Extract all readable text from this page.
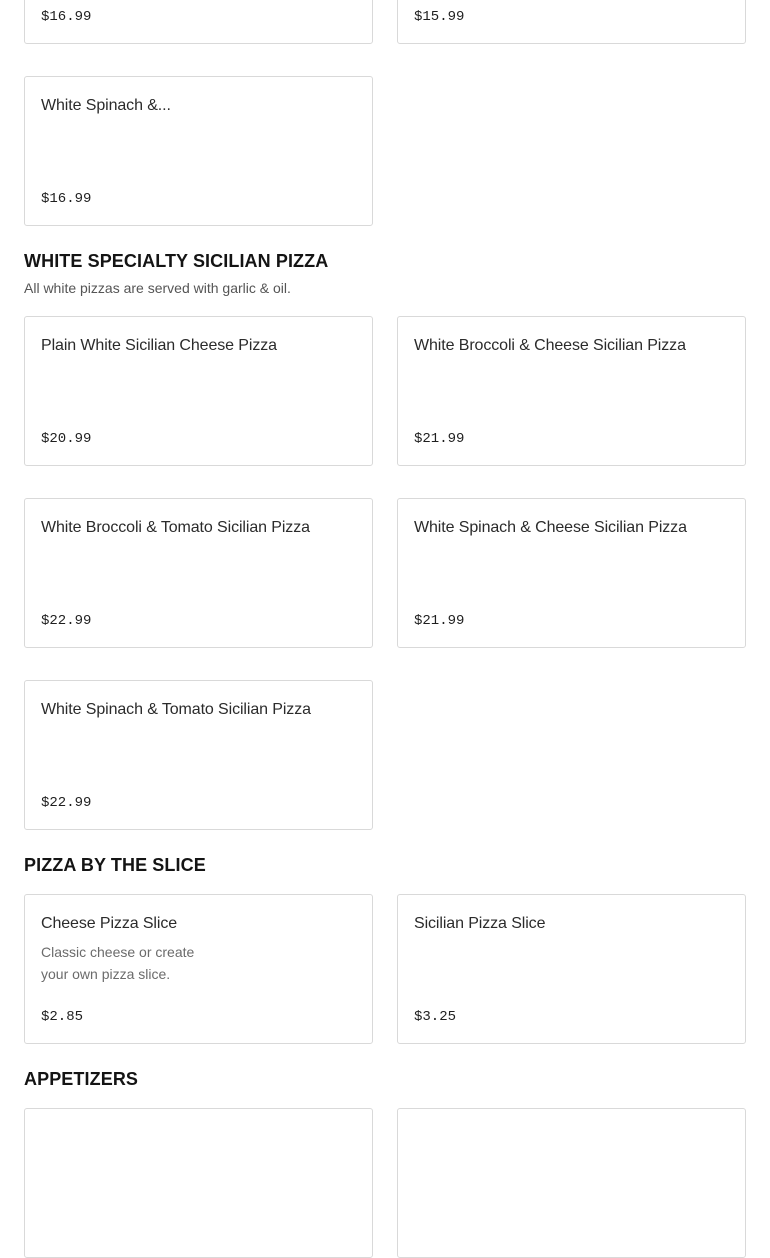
$16.99	$15.99
White Spinach &...
$16.99
WHITE SPECIALTY SICILIAN PIZZA

All white pizzas are served with garlic & oil.

Plain White Sicilian Cheese Pizza
$20.99
White Broccoli & Cheese Sicilian Pizza
$21.99
White Broccoli & Tomato Sicilian Pizza
$22.99
White Spinach & Cheese Sicilian Pizza
$21.99
White Spinach & Tomato Sicilian Pizza
$22.99
PIZZA BY THE SLICE
Cheese Pizza Slice
Classic cheese or create your own pizza slice.
$2.85
Sicilian Pizza Slice
$3.25
APPETIZERS
